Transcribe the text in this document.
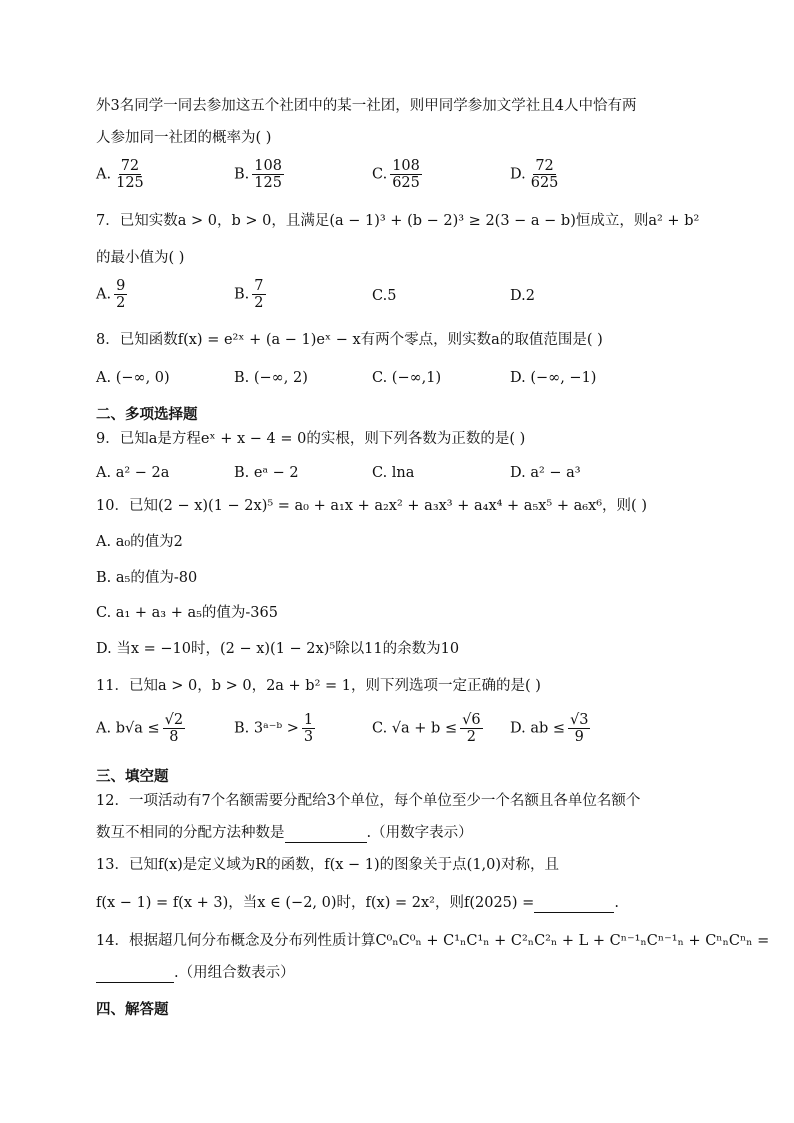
外3名同学一同去参加这五个社团中的某一社团，则甲同学参加文学社且4人中恰有两
人参加同一社团的概率为( )
A. $\frac{72}{125}$	B. $\frac{108}{125}$	C. $\frac{108}{625}$	D. $\frac{72}{625}$
7．已知实数a > 0，b > 0，且满足(a − 1)³ + (b − 2)³ ≥ 2(3 − a − b)恒成立，则a² + b²
的最小值为( )
A. $\frac{9}{2}$	B. $\frac{7}{2}$	C.5	D.2
8．已知函数f(x) = e²ˣ + (a − 1)eˣ − x有两个零点，则实数a的取值范围是( )
A. (−∞, 0)	B. (−∞, 2)	C. (−∞,1)	D. (−∞, −1)
二、多项选择题
9．已知a是方程eˣ + x − 4 = 0的实根，则下列各数为正数的是( )
A. a² − 2a	B. eᵃ − 2	C. lna	D. a² − a³
10．已知(2 − x)(1 − 2x)⁵ = a₀ + a₁x + a₂x² + a₃x³ + a₄x⁴ + a₅x⁵ + a₆x⁶，则( )
A. a₀的值为2
B. a₅的值为-80
C. a₁ + a₃ + a₅的值为-365
D. 当x = −10时，(2 − x)(1 − 2x)⁵除以11的余数为10
11．已知a > 0，b > 0，2a + b² = 1，则下列选项一定正确的是( )
A. $b√a \le \frac{√2}{8}$	B. 3ᵃ⁻ᵇ > $\frac{1}{3}$	C. $√a + b \le \frac{√6}{2} D$. ab ≤ $\frac{√3}{9}$
三、填空题
12．一项活动有7个名额需要分配给3个单位，每个单位至少一个名额且各单位名额个
数互不相同的分配方法种数是	.（用数字表示）
13．已知f(x)是定义域为R的函数，f(x − 1)的图象关于点(1,0)对称，且
f(x − 1) = f(x + 3)，当x ∈ (−2, 0)时，f(x) = 2x²，则f(2025) =	.
14．根据超几何分布概念及分布列性质计算C⁰ₙC⁰ₙ + C¹ₙC¹ₙ + C²ₙC²ₙ + L + Cⁿ⁻¹ₙCⁿ⁻¹ₙ + CⁿₙCⁿₙ =
.（用组合数表示）
四、解答题
